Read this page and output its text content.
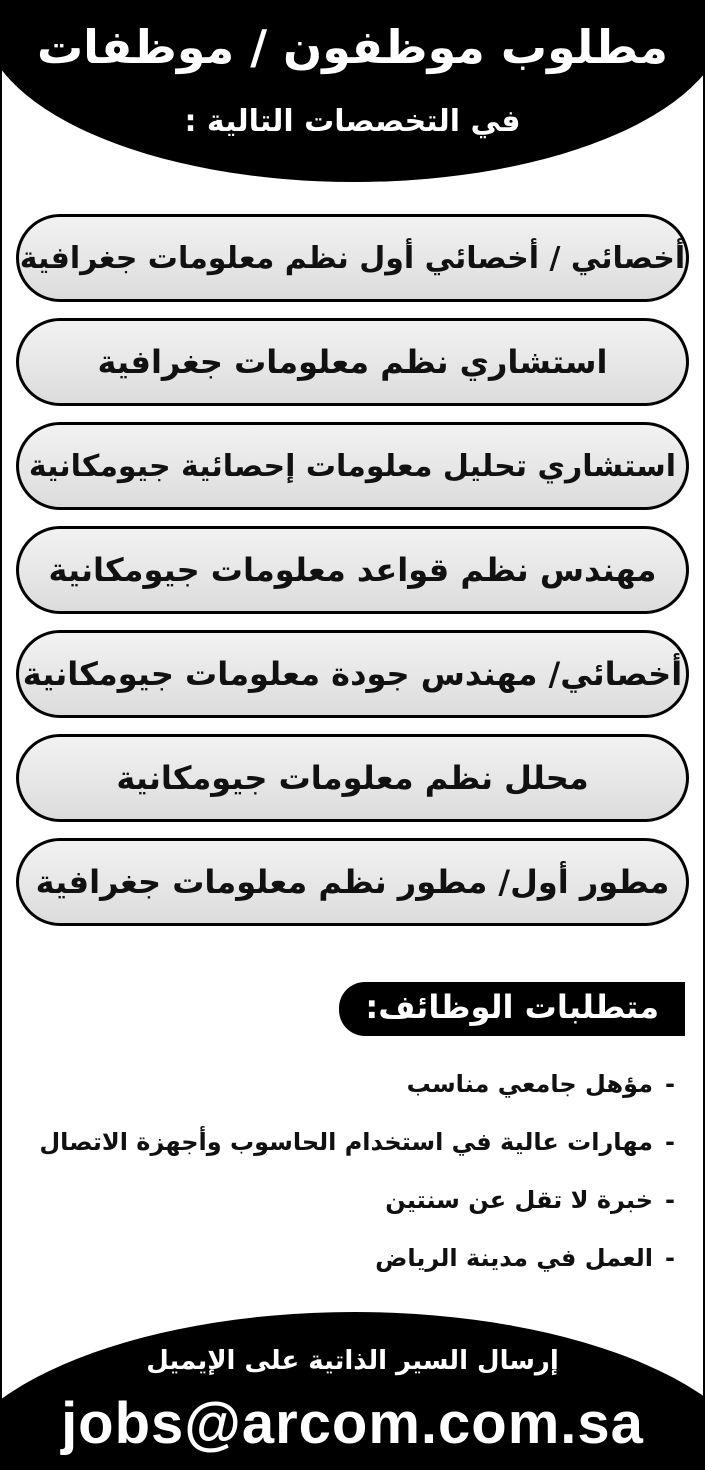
مطلوب موظفون / موظفات
في التخصصات التالية :
أخصائي / أخصائي أول نظم معلومات جغرافية
استشاري نظم معلومات جغرافية
استشاري تحليل معلومات إحصائية جيومكانية
مهندس نظم قواعد معلومات جيومكانية
أخصائي/ مهندس جودة معلومات جيومكانية
محلل نظم معلومات جيومكانية
مطور أول/ مطور نظم معلومات جغرافية
متطلبات الوظائف:
-مؤهل جامعي مناسب
-مهارات عالية في استخدام الحاسوب وأجهزة الاتصال
-خبرة لا تقل عن سنتين
-العمل في مدينة الرياض
إرسال السير الذاتية على الإيميل
jobs@arcom.com.sa
